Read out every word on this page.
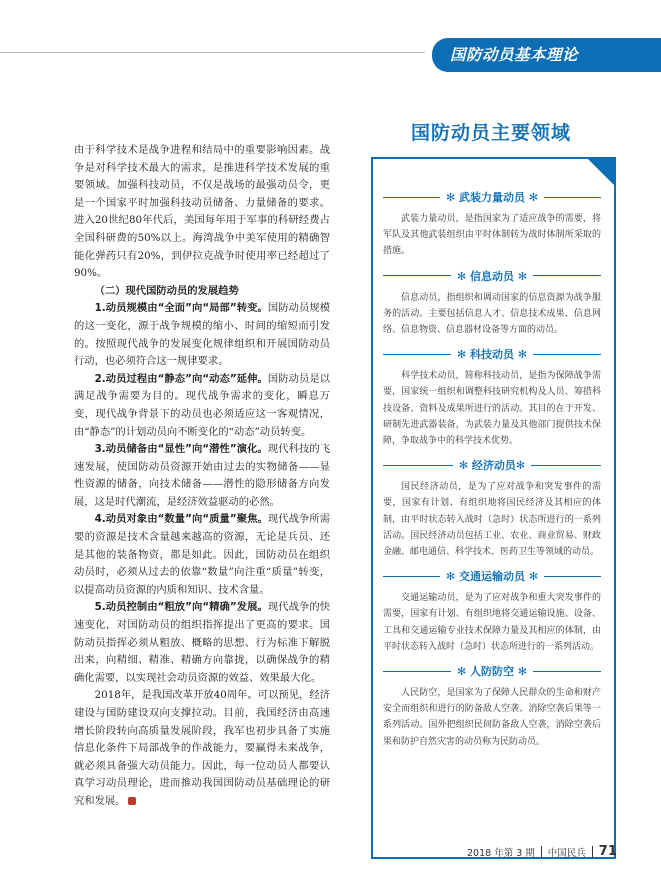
国防动员基本理论

由于科学技术是战争进程和结局中的重要影响因素。战争是对科学技术最大的需求，是推进科学技术发展的重要领域。加强科技动员，不仅是战场的最强动员令，更是一个国家平时加强科技动员储备、力量储备的要求。进入20世纪80年代后，美国每年用于军事的科研经费占全国科研费的50%以上。海湾战争中美军使用的精确智能化弹药只有20%，到伊拉克战争时使用率已经超过了90%。

（二）现代国防动员的发展趋势

1.动员规模由“全面”向“局部”转变。国防动员规模的这一变化，源于战争规模的缩小、时间的缩短而引发的。按照现代战争的发展变化规律组织和开展国防动员行动，也必须符合这一规律要求。

2.动员过程由“静态”向“动态”延伸。国防动员是以满足战争需要为目的。现代战争需求的变化，瞬息万变，现代战争背景下的动员也必须适应这一客观情况，由“静态”的计划动员向不断变化的“动态”动员转变。

3.动员储备由“显性”向“潜性”演化。现代科技的飞速发展，使国防动员资源开始由过去的实物储备——显性资源的储备，向技术储备——潜性的隐形储备方向发展，这是时代潮流，是经济效益驱动的必然。

4.动员对象由“数量”向“质量”聚焦。现代战争所需要的资源是技术含量越来越高的资源，无论是兵员、还是其他的装备物资，都是如此。因此，国防动员在组织动员时，必须从过去的依靠“数量”向注重“质量”转变，以提高动员资源的内质和知识、技术含量。

5.动员控制由“粗放”向“精确”发展。现代战争的快速变化，对国防动员的组织指挥提出了更高的要求。国防动员指挥必须从粗放、概略的思想、行为标准下解脱出来，向精细、精准、精确方向靠拢，以确保战争的精确化需要，以实现社会动员资源的效益、效果最大化。

2018年，是我国改革开放40周年。可以预见，经济建设与国防建设双向支撑拉动。目前，我国经济由高速增长阶段转向高质量发展阶段，我军也初步具备了实施信息化条件下局部战争的作战能力，要赢得未来战争，就必须具备强大动员能力。因此，每一位动员人都要认真学习动员理论，进而推动我国国防动员基础理论的研究和发展。

国防动员主要领域
✻ 武装力量动员 ✻

武装力量动员，是指国家为了适应战争的需要，将军队及其他武装组织由平时体制转为战时体制所采取的措施。

✻ 信息动员 ✻

信息动员，指组织和调动国家的信息资源为战争服务的活动。主要包括信息人才、信息技术成果、信息网络、信息物资、信息器材设备等方面的动员。

✻ 科技动员 ✻

科学技术动员，简称科技动员，是指为保障战争需要，国家统一组织和调整科技研究机构及人员、筹措科技设备、资料及成果所进行的活动。其目的在于开发、研制先进武器装备，为武装力量及其他部门提供技术保障，争取战争中的科学技术优势。

✻ 经济动员✻

国民经济动员，是为了应对战争和突发事件的需要，国家有计划、有组织地将国民经济及其相应的体制，由平时状态转入战时（急时）状态所进行的一系列活动。国民经济动员包括工业、农业、商业贸易、财政金融、邮电通信、科学技术、医药卫生等领域的动员。

✻ 交通运输动员 ✻

交通运输动员，是为了应对战争和重大突发事件的需要，国家有计划、有组织地将交通运输设施、设备、工具和交通运输专业技术保障力量及其相应的体制，由平时状态转入战时（急时）状态所进行的一系列活动。

✻ 人防防空 ✻

人民防空，是国家为了保障人民群众的生命和财产安全而组织和进行的防备敌人空袭、消除空袭后果等一系列活动。国外把组织民间防备敌人空袭，消除空袭后果和防护自然灾害的动员称为民防动员。

2018 年第 3 期 中国民兵 71
